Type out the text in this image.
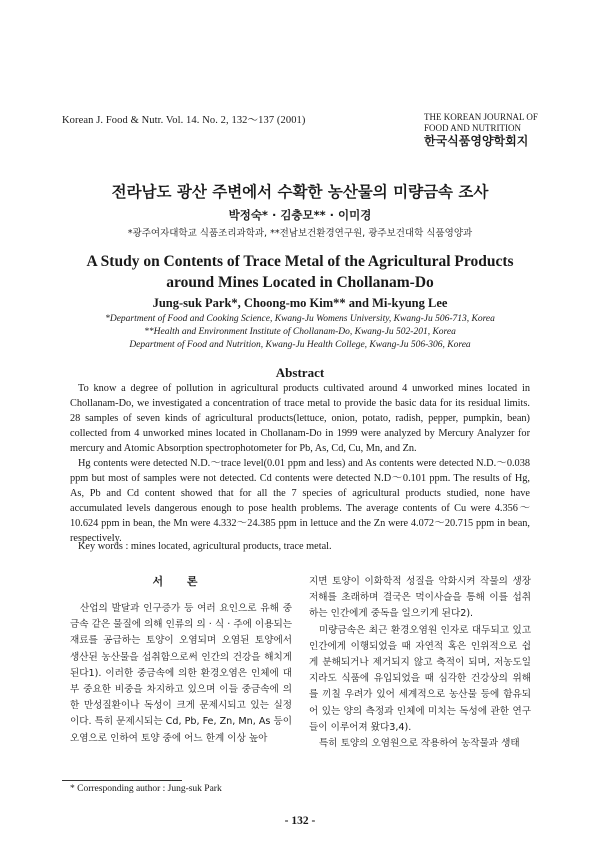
Korean J. Food & Nutr. Vol. 14. No. 2, 132～137 (2001)	THE KOREAN JOURNAL OF
FOOD AND NUTRITION
한국식품영양학회지
전라남도 광산 주변에서 수확한 농산물의 미량금속 조사
박정숙* · 김충모** · 이미경
*광주여자대학교 식품조리과학과, **전남보건환경연구원, 광주보건대학 식품영양과
A Study on Contents of Trace Metal of the Agricultural Products
around Mines Located in Chollanam-Do
Jung-suk Park*, Choong-mo Kim** and Mi-kyung Lee
*Department of Food and Cooking Science, Kwang-Ju Womens University, Kwang-Ju 506-713, Korea
**Health and Environment Institute of Chollanam-Do, Kwang-Ju 502-201, Korea
Department of Food and Nutrition, Kwang-Ju Health College, Kwang-Ju 506-306, Korea
Abstract

To know a degree of pollution in agricultural products cultivated around 4 unworked mines located in Chollanam-Do, we investigated a concentration of trace metal to provide the basic data for its residual limits. 28 samples of seven kinds of agricultural products(lettuce, onion, potato, radish, pepper, pumpkin, bean) collected from 4 unworked mines located in Chollanam-Do in 1999 were analyzed by Mercury Analyzer for mercury and Atomic Absorption spectrophotometer for Pb, As, Cd, Cu, Mn, and Zn.

Hg contents were detected N.D.～trace level(0.01 ppm and less) and As contents were detected N.D.～0.038 ppm but most of samples were not detected. Cd contents were detected N.D～0.101 ppm. The results of Hg, As, Pb and Cd content showed that for all the 7 species of agricultural products studied, none have accumulated levels dangerous enough to pose health problems. The average contents of Cu were 4.356～10.624 ppm in bean, the Mn were 4.332～24.385 ppm in lettuce and the Zn were 4.072～20.715 ppm in bean, respectively.

Key words : mines located, agricultural products, trace metal.
서 론

산업의 발달과 인구증가 등 여러 요인으로 유해 중금속 같은 물질에 의해 인류의 의 · 식 · 주에 이용되는 재료를 공급하는 토양이 오염되며 오염된 토양에서 생산된 농산물을 섭취함으로써 인간의 건강을 해치게 된다1). 이러한 중금속에 의한 환경오염은 인체에 대부 중요한 비중을 차지하고 있으며 이들 중금속에 의한 만성질환이나 독성이 크게 문제시되고 있는 실정이다. 특히 문제시되는 Cd, Pb, Fe, Zn, Mn, As 등이 오염으로 인하여 토양 중에 어느 한계 이상 높아

지면 토양이 이화학적 성질을 악화시켜 작물의 생장 저해를 초래하며 결국은 먹이사슬을 통해 이를 섭취하는 인간에게 중독을 일으키게 된다2).

미량금속은 최근 환경오염원 인자로 대두되고 있고 인간에게 이행되었을 때 자연적 혹은 인위적으로 쉽게 분해되거나 제거되지 않고 축적이 되며, 저농도일지라도 식품에 유입되었을 때 심각한 건강상의 위해를 끼칠 우려가 있어 세계적으로 농산물 등에 함유되어 있는 양의 측정과 인체에 미치는 독성에 관한 연구들이 이루어져 왔다3,4).

특히 토양의 오염원으로 작용하여 농작물과 생태

* Corresponding author : Jung-suk Park
- 132 -
